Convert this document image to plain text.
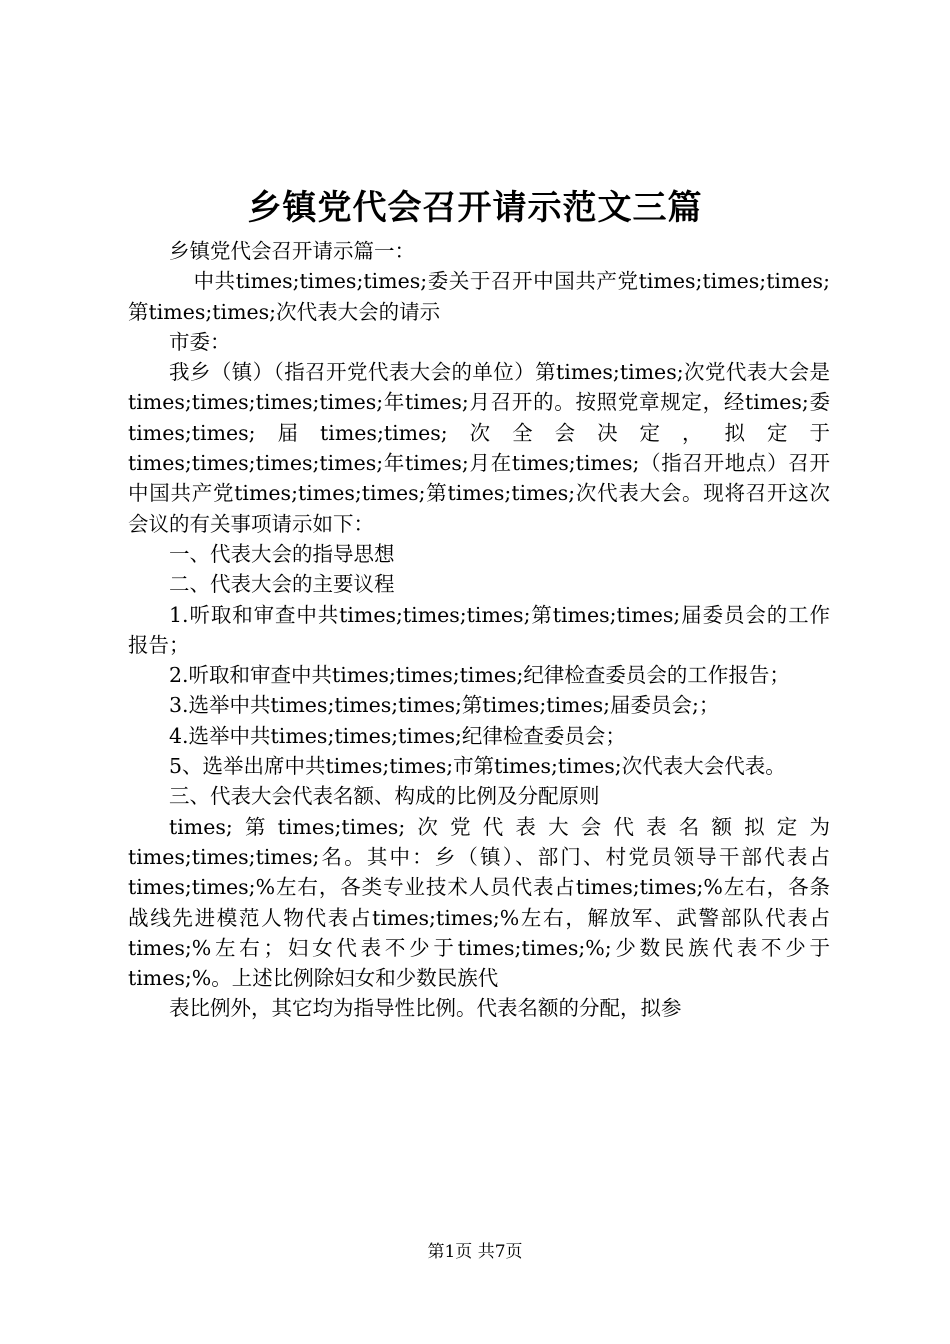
乡镇党代会召开请示范文三篇

乡镇党代会召开请示篇一：

中共times;times;times;委关于召开中国共产党times;times;times;第times;times;次代表大会的请示

市委：

我乡（镇）（指召开党代表大会的单位）第times;times;次党代表大会是times;times;times;times;年times;月召开的。按照党章规定，经times;委times;times;届times;times;次全会决定，拟定于times;times;times;times;年times;月在times;times;（指召开地点）召开中国共产党times;times;times;第times;times;次代表大会。现将召开这次会议的有关事项请示如下：

一、代表大会的指导思想

二、代表大会的主要议程

1.听取和审查中共times;times;times;第times;times;届委员会的工作报告；

2.听取和审查中共times;times;times;纪律检查委员会的工作报告；

3.选举中共times;times;times;第times;times;届委员会;；

4.选举中共times;times;times;纪律检查委员会；

5、选举出席中共times;times;市第times;times;次代表大会代表。

三、代表大会代表名额、构成的比例及分配原则

times;第times;times;次党代表大会代表名额拟定为times;times;times;名。其中：乡（镇）、部门、村党员领导干部代表占times;times;%左右，各类专业技术人员代表占times;times;%左右，各条战线先进模范人物代表占times;times;%左右，解放军、武警部队代表占times;%左右；妇女代表不少于times;times;%;少数民族代表不少于times;%。上述比例除妇女和少数民族代

表比例外，其它均为指导性比例。代表名额的分配，拟参

第1页 共7页
